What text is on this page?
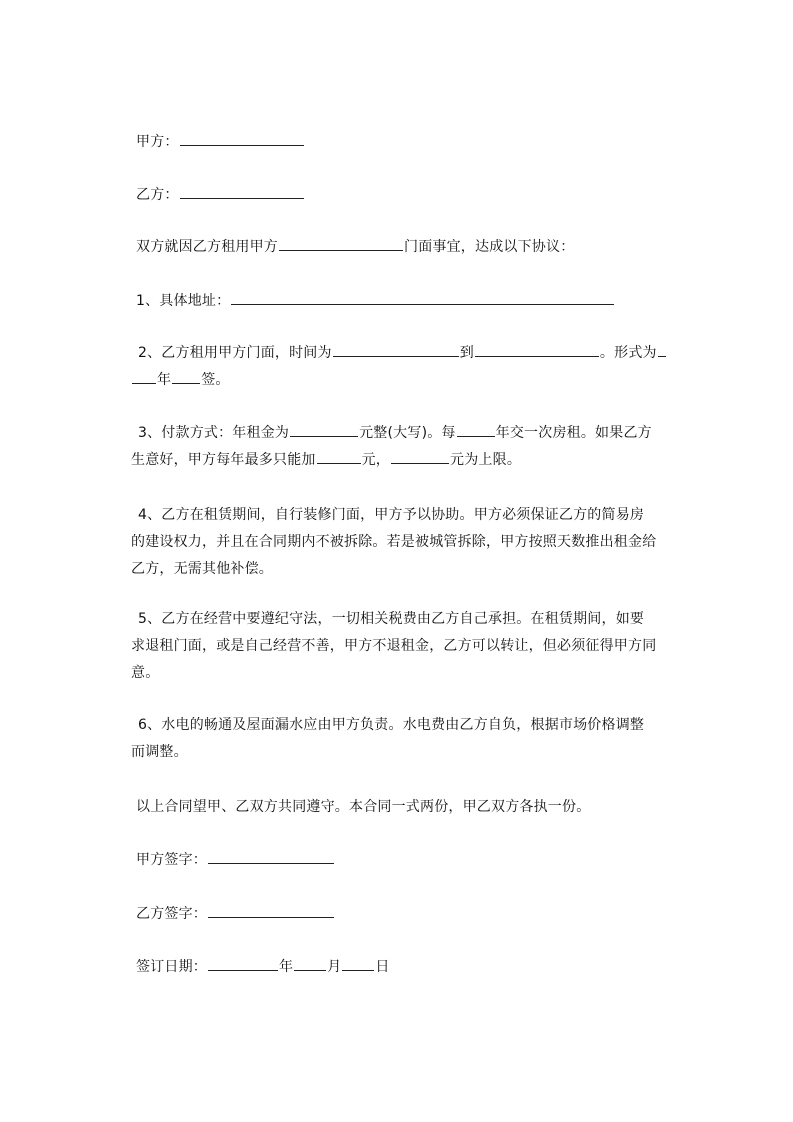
甲方：
乙方：
双方就因乙方租用甲方	门面事宜，达成以下协议：
1、具体地址：
2、乙方租用甲方门面，时间为	到	。形式为
年 签。
3、付款方式：年租金为	元整(大写)。每	年交一次房租。如果乙方
生意好，甲方每年最多只能加	元，	元为上限。
4、乙方在租赁期间，自行装修门面，甲方予以协助。甲方必须保证乙方的简易房
的建设权力，并且在合同期内不被拆除。若是被城管拆除，甲方按照天数推出租金给
乙方，无需其他补偿。
5、乙方在经营中要遵纪守法，一切相关税费由乙方自己承担。在租赁期间，如要
求退租门面，或是自己经营不善，甲方不退租金，乙方可以转让，但必须征得甲方同
意。
6、水电的畅通及屋面漏水应由甲方负责。水电费由乙方自负，根据市场价格调整
而调整。
以上合同望甲、乙双方共同遵守。本合同一式两份，甲乙双方各执一份。
甲方签字：
乙方签字：
签订日期：	年 月 日
